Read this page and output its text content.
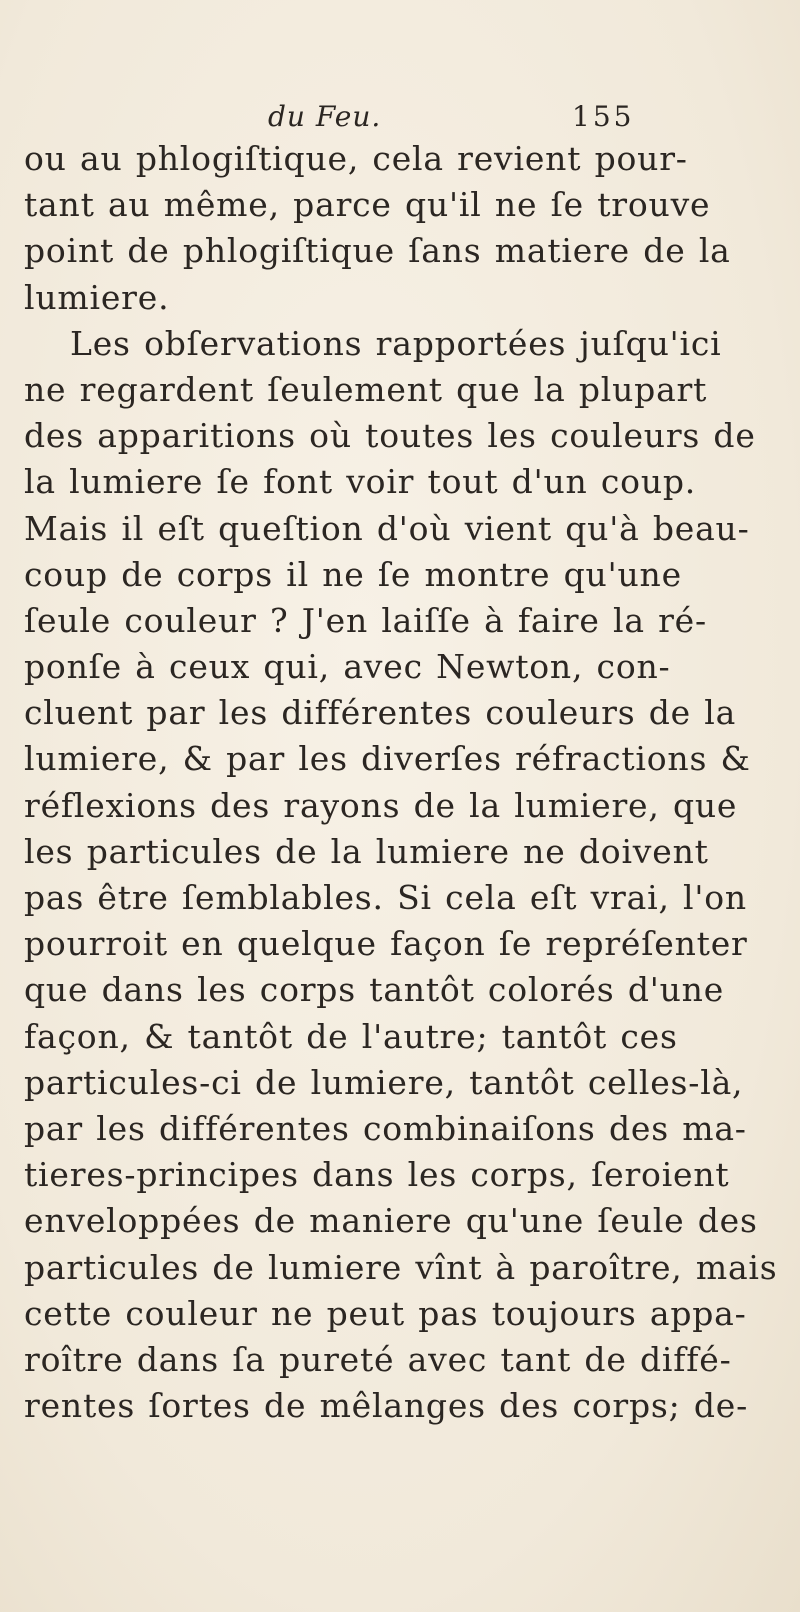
du Feu.	155
ou au phlogiſtique, cela revient pour-
tant au même, parce qu'il ne ſe trouve
point de phlogiſtique ſans matiere de la
lumiere.
Les obſervations rapportées juſqu'ici
ne regardent ſeulement que la plupart
des apparitions où toutes les couleurs de
la lumiere ſe font voir tout d'un coup.
Mais il eſt queſtion d'où vient qu'à beau-
coup de corps il ne ſe montre qu'une
ſeule couleur ? J'en laiſſe à faire la ré-
ponſe à ceux qui, avec Newton, con-
cluent par les différentes couleurs de la
lumiere, & par les diverſes réfractions &
réflexions des rayons de la lumiere, que
les particules de la lumiere ne doivent
pas être ſemblables. Si cela eſt vrai, l'on
pourroit en quelque façon ſe repréſenter
que dans les corps tantôt colorés d'une
façon, & tantôt de l'autre; tantôt ces
particules-ci de lumiere, tantôt celles-là,
par les différentes combinaiſons des ma-
tieres-principes dans les corps, ſeroient
enveloppées de maniere qu'une ſeule des
particules de lumiere vînt à paroître, mais
cette couleur ne peut pas toujours appa-
roître dans ſa pureté avec tant de diffé-
rentes ſortes de mêlanges des corps; de-
